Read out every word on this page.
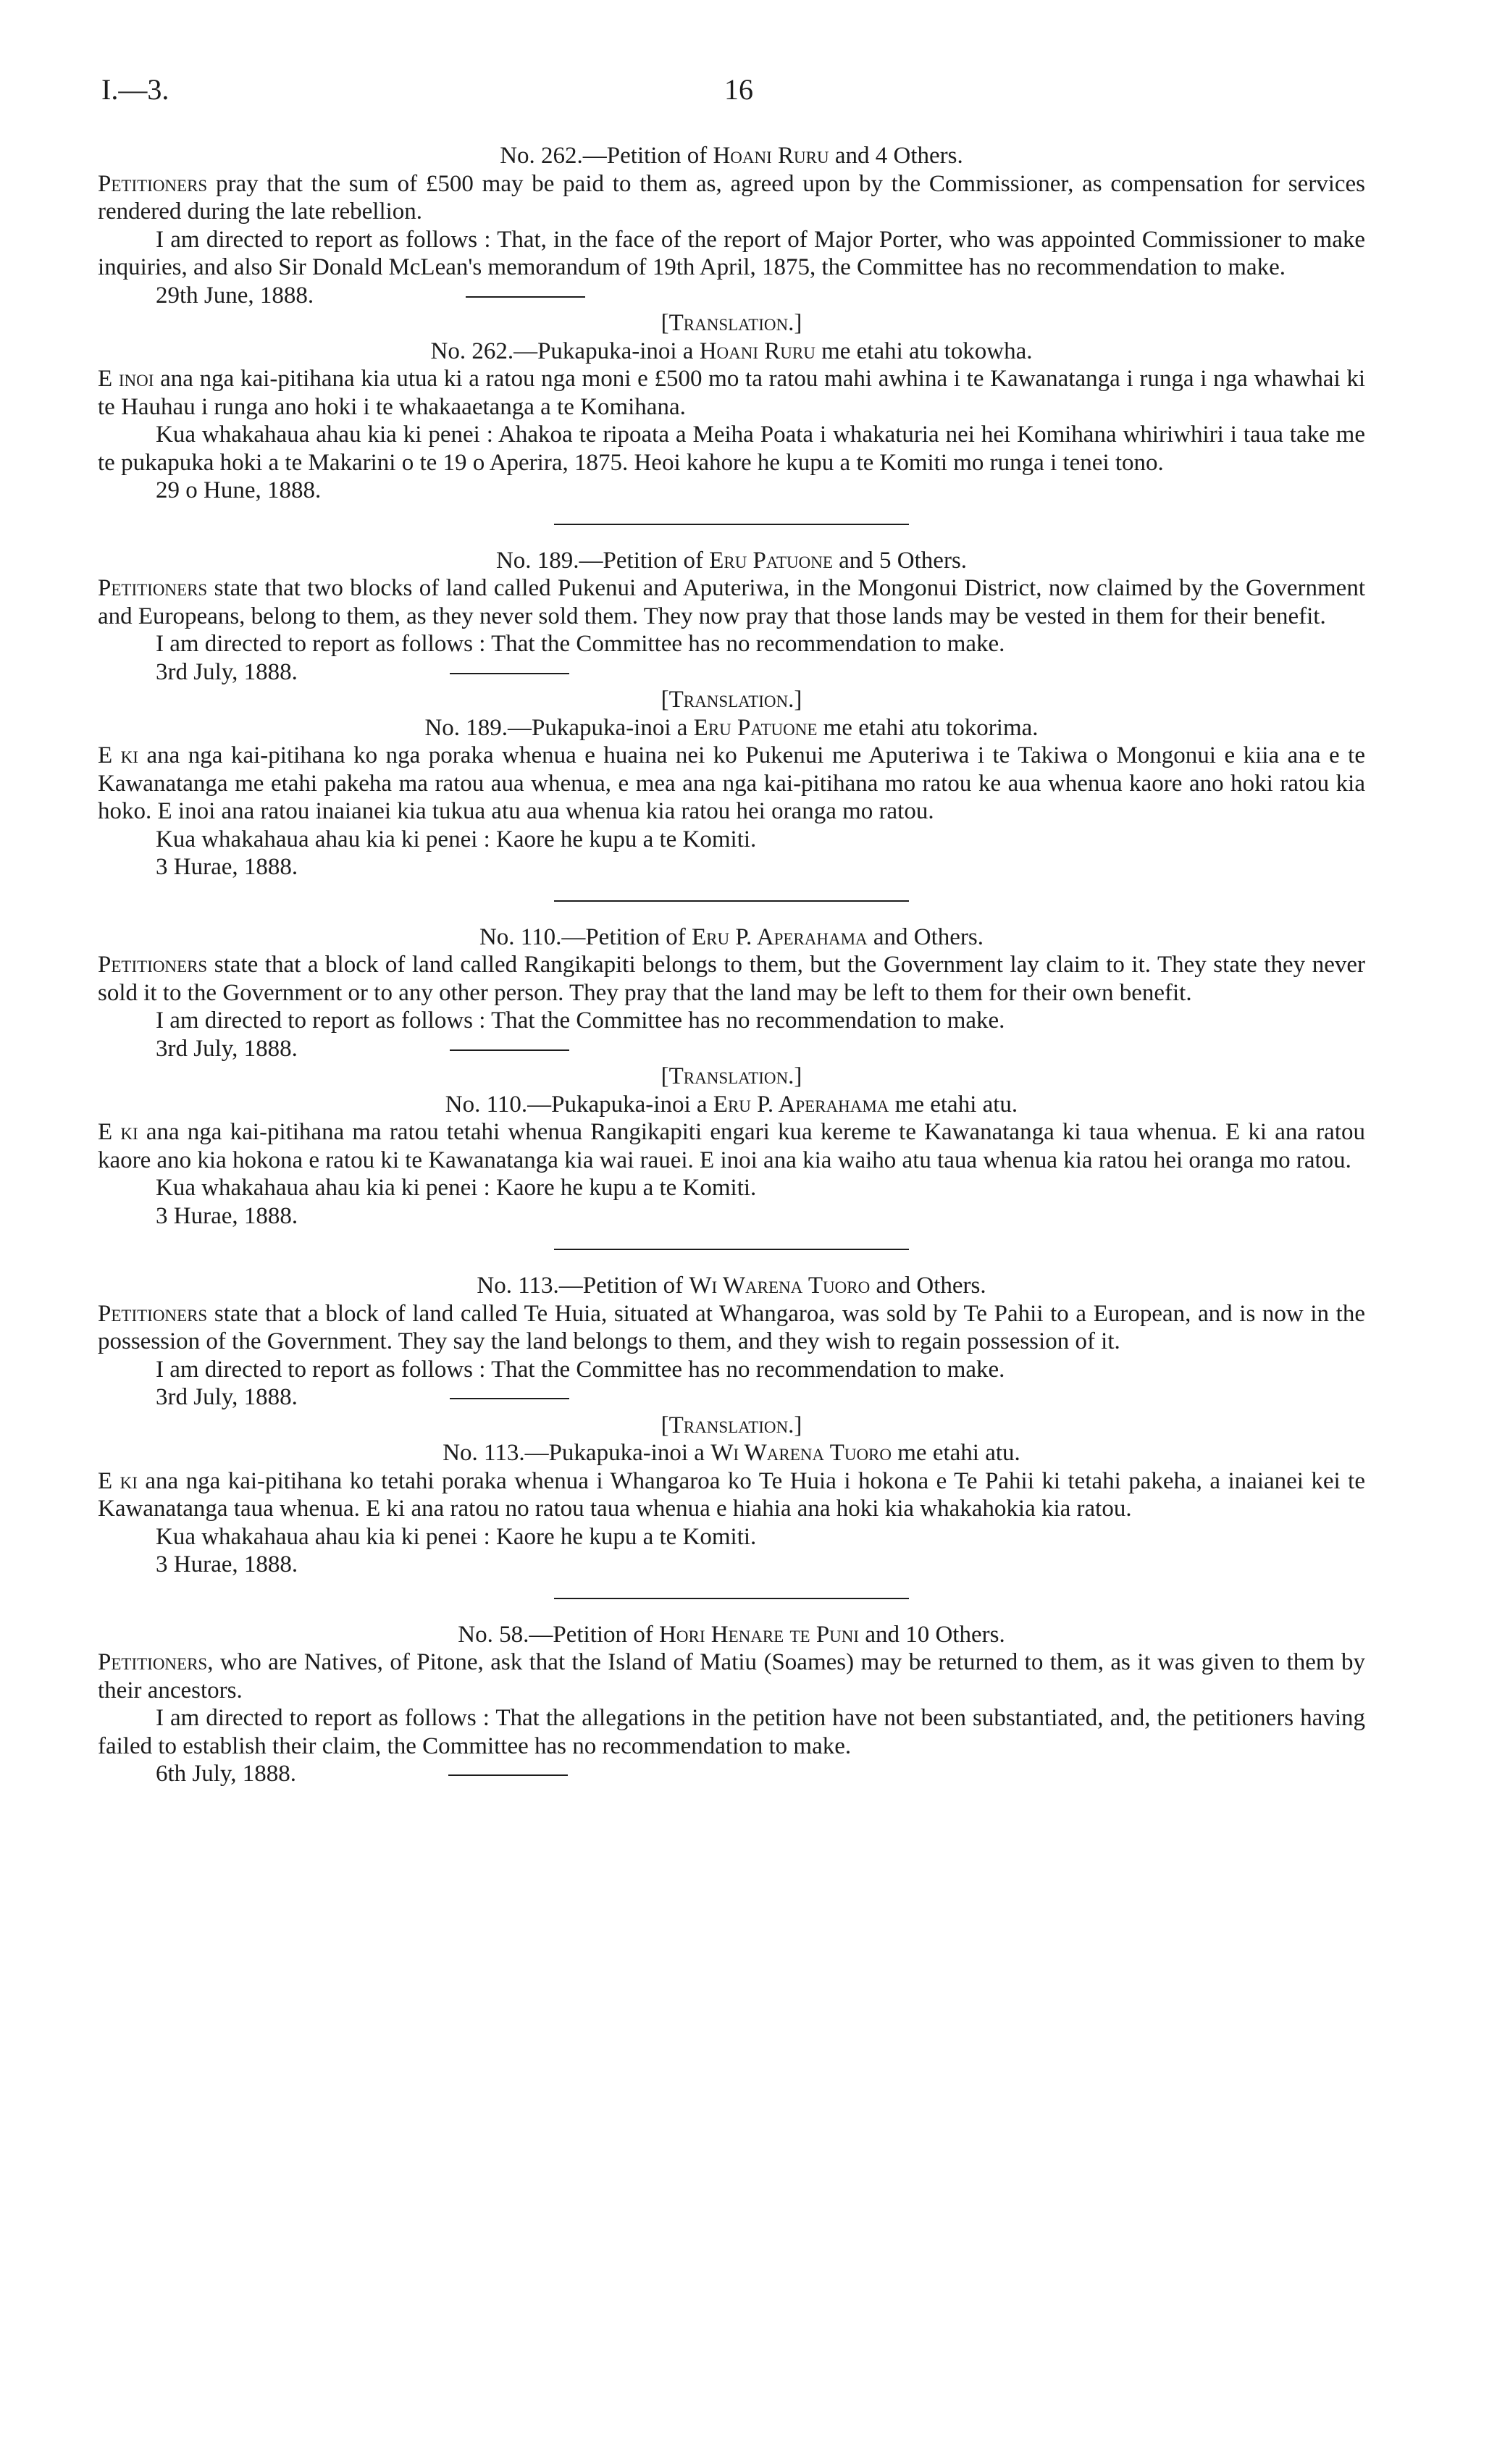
I.—3.	16

No. 262.—Petition of Hoani Ruru and 4 Others.

Petitioners pray that the sum of £500 may be paid to them as, agreed upon by the Commissioner, as compensation for services rendered during the late rebellion.

I am directed to report as follows : That, in the face of the report of Major Porter, who was appointed Commissioner to make inquiries, and also Sir Donald McLean's memorandum of 19th April, 1875, the Committee has no recommendation to make.

29th June, 1888.

[Translation.]

No. 262.—Pukapuka-inoi a Hoani Ruru me etahi atu tokowha.

E inoi ana nga kai-pitihana kia utua ki a ratou nga moni e £500 mo ta ratou mahi awhina i te Kawanatanga i runga i nga whawhai ki te Hauhau i runga ano hoki i te whakaaetanga a te Komihana.

Kua whakahaua ahau kia ki penei : Ahakoa te ripoata a Meiha Poata i whakaturia nei hei Komihana whiriwhiri i taua take me te pukapuka hoki a te Makarini o te 19 o Aperira, 1875. Heoi kahore he kupu a te Komiti mo runga i tenei tono.

29 o Hune, 1888.

No. 189.—Petition of Eru Patuone and 5 Others.

Petitioners state that two blocks of land called Pukenui and Aputeriwa, in the Mongonui District, now claimed by the Government and Europeans, belong to them, as they never sold them. They now pray that those lands may be vested in them for their benefit.

I am directed to report as follows : That the Committee has no recommendation to make.

3rd July, 1888.

[Translation.]

No. 189.—Pukapuka-inoi a Eru Patuone me etahi atu tokorima.

E ki ana nga kai-pitihana ko nga poraka whenua e huaina nei ko Pukenui me Aputeriwa i te Takiwa o Mongonui e kiia ana e te Kawanatanga me etahi pakeha ma ratou aua whenua, e mea ana nga kai-pitihana mo ratou ke aua whenua kaore ano hoki ratou kia hoko. E inoi ana ratou inaianei kia tukua atu aua whenua kia ratou hei oranga mo ratou.

Kua whakahaua ahau kia ki penei : Kaore he kupu a te Komiti.

3 Hurae, 1888.

No. 110.—Petition of Eru P. Aperahama and Others.

Petitioners state that a block of land called Rangikapiti belongs to them, but the Government lay claim to it. They state they never sold it to the Government or to any other person. They pray that the land may be left to them for their own benefit.

I am directed to report as follows : That the Committee has no recommendation to make.

3rd July, 1888.

[Translation.]

No. 110.—Pukapuka-inoi a Eru P. Aperahama me etahi atu.

E ki ana nga kai-pitihana ma ratou tetahi whenua Rangikapiti engari kua kereme te Kawanatanga ki taua whenua. E ki ana ratou kaore ano kia hokona e ratou ki te Kawanatanga kia wai rauei. E inoi ana kia waiho atu taua whenua kia ratou hei oranga mo ratou.

Kua whakahaua ahau kia ki penei : Kaore he kupu a te Komiti.

3 Hurae, 1888.

No. 113.—Petition of Wi Warena Tuoro and Others.

Petitioners state that a block of land called Te Huia, situated at Whangaroa, was sold by Te Pahii to a European, and is now in the possession of the Government. They say the land belongs to them, and they wish to regain possession of it.

I am directed to report as follows : That the Committee has no recommendation to make.

3rd July, 1888.

[Translation.]

No. 113.—Pukapuka-inoi a Wi Warena Tuoro me etahi atu.

E ki ana nga kai-pitihana ko tetahi poraka whenua i Whangaroa ko Te Huia i hokona e Te Pahii ki tetahi pakeha, a inaianei kei te Kawanatanga taua whenua. E ki ana ratou no ratou taua whenua e hiahia ana hoki kia whakahokia kia ratou.

Kua whakahaua ahau kia ki penei : Kaore he kupu a te Komiti.

3 Hurae, 1888.

No. 58.—Petition of Hori Henare te Puni and 10 Others.

Petitioners, who are Natives, of Pitone, ask that the Island of Matiu (Soames) may be returned to them, as it was given to them by their ancestors.

I am directed to report as follows : That the allegations in the petition have not been substantiated, and, the petitioners having failed to establish their claim, the Committee has no recommendation to make.

6th July, 1888.
